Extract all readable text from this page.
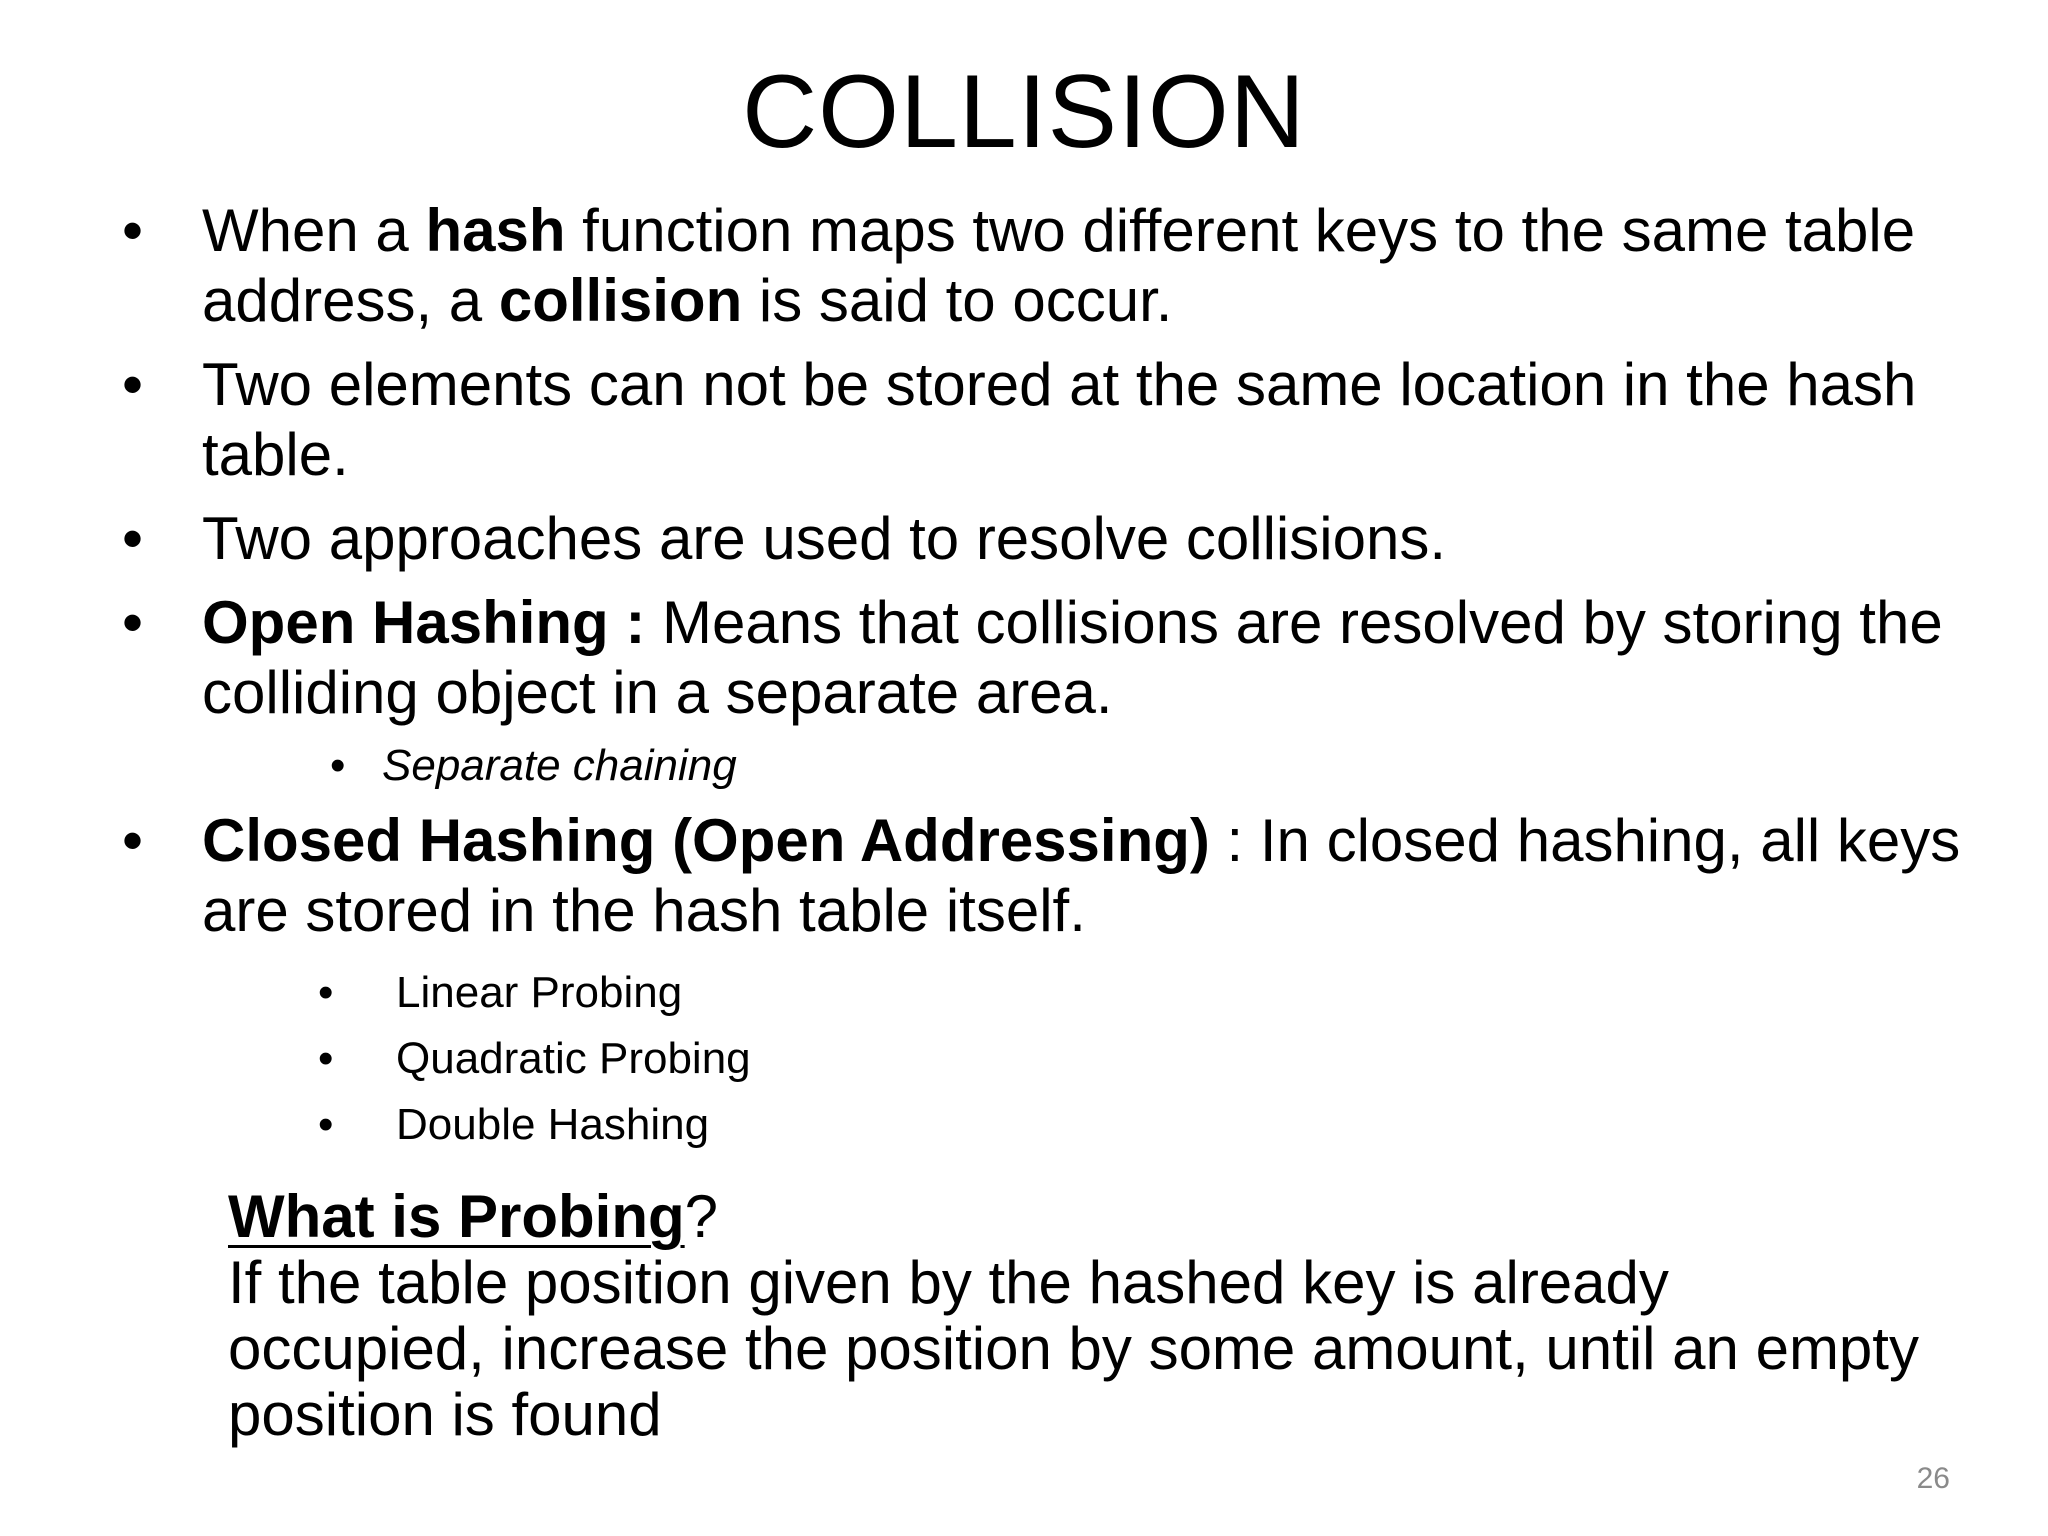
COLLISION
• When a hash function maps two different keys to the same table address, a collision is said to occur.
• Two elements can not be stored at the same location in the hash table.
• Two approaches are used to resolve collisions.
• Open Hashing : Means that collisions are resolved by storing the colliding object in a separate area.
• Separate chaining
• Closed Hashing (Open Addressing) : In closed hashing, all keys are stored in the hash table itself.
• Linear Probing
• Quadratic Probing
• Double Hashing
What is Probing?
If the table position given by the hashed key is already occupied, increase the position by some amount, until an empty position is found
26
